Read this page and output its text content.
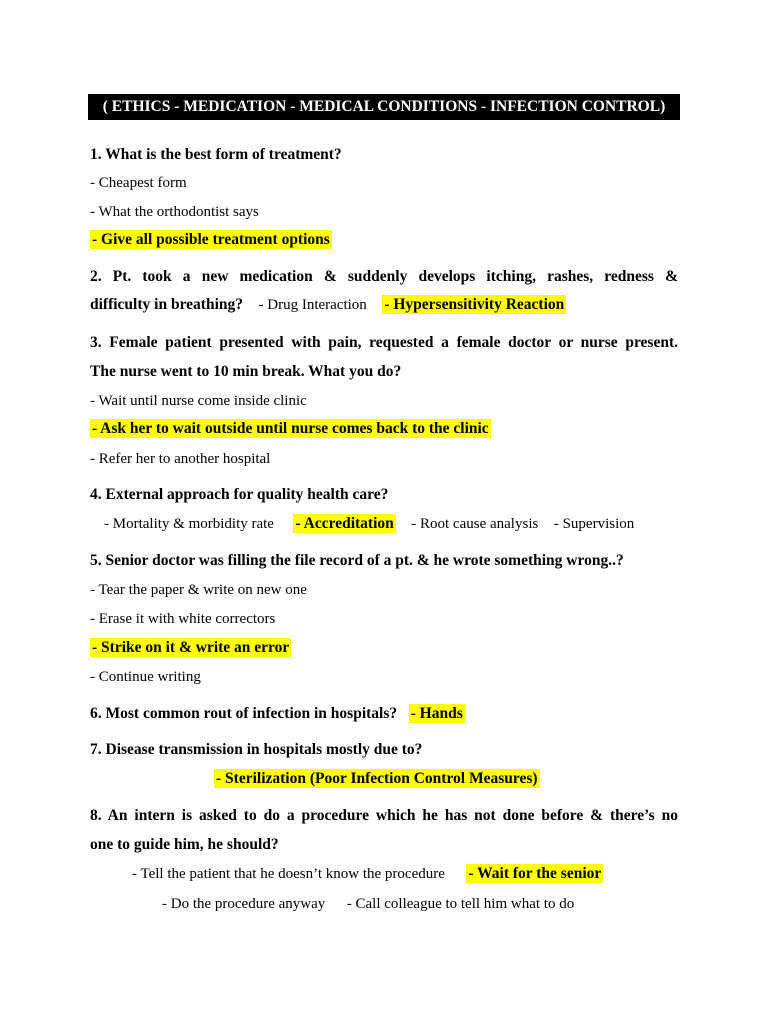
( ETHICS - MEDICATION - MEDICAL CONDITIONS - INFECTION CONTROL)
1. What is the best form of treatment?
- Cheapest form
- What the orthodontist says
- Give all possible treatment options
2. Pt. took a new medication & suddenly develops itching, rashes, redness &
difficulty in breathing? - Drug Interaction - Hypersensitivity Reaction
3. Female patient presented with pain, requested a female doctor or nurse present.
The nurse went to 10 min break. What you do?
- Wait until nurse come inside clinic
- Ask her to wait outside until nurse comes back to the clinic
- Refer her to another hospital
4. External approach for quality health care?
- Mortality & morbidity rate - Accreditation - Root cause analysis - Supervision
5. Senior doctor was filling the file record of a pt. & he wrote something wrong..?
- Tear the paper & write on new one
- Erase it with white correctors
- Strike on it & write an error
- Continue writing
6. Most common rout of infection in hospitals? - Hands
7. Disease transmission in hospitals mostly due to?
- Sterilization (Poor Infection Control Measures)
8. An intern is asked to do a procedure which he has not done before & there’s no
one to guide him, he should?
- Tell the patient that he doesn’t know the procedure - Wait for the senior
- Do the procedure anyway - Call colleague to tell him what to do
